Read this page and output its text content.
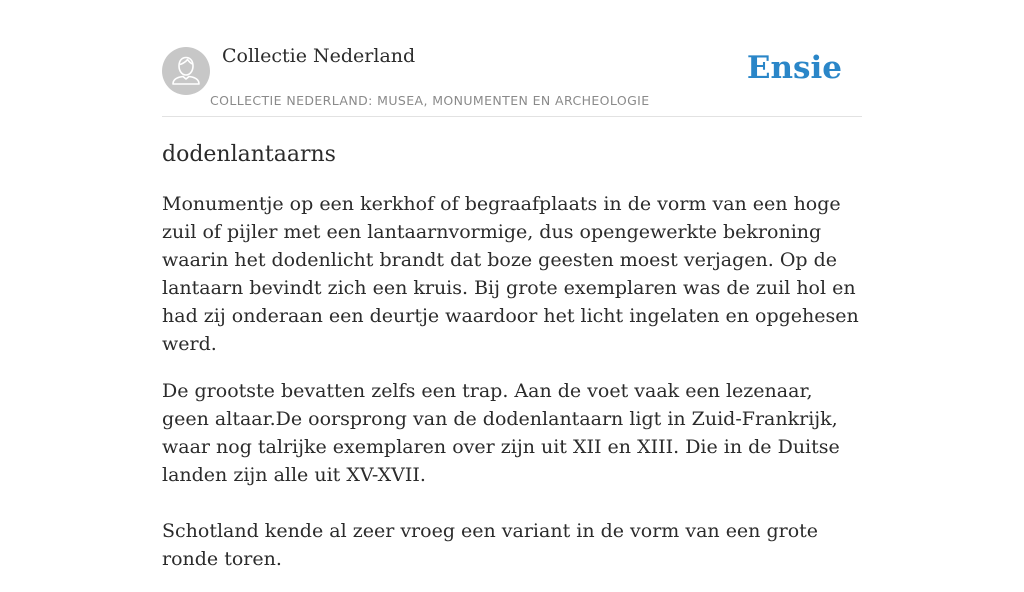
Collectie Nederland
COLLECTIE NEDERLAND: MUSEA, MONUMENTEN EN ARCHEOLOGIE
Ensie
dodenlantaarns

Monumentje op een kerkhof of begraafplaats in de vorm van een hoge zuil of pijler met een lantaarnvormige, dus opengewerkte bekroning waarin het dodenlicht brandt dat boze geesten moest verjagen. Op de lantaarn bevindt zich een kruis. Bij grote exemplaren was de zuil hol en had zij onderaan een deurtje waardoor het licht ingelaten en opgehesen werd.

De grootste bevatten zelfs een trap. Aan de voet vaak een lezenaar, geen altaar.De oorsprong van de dodenlantaarn ligt in Zuid-Frankrijk, waar nog talrijke exemplaren over zijn uit XII en XIII. Die in de Duitse landen zijn alle uit XV-XVII.

Schotland kende al zeer vroeg een variant in de vorm van een grote ronde toren.
